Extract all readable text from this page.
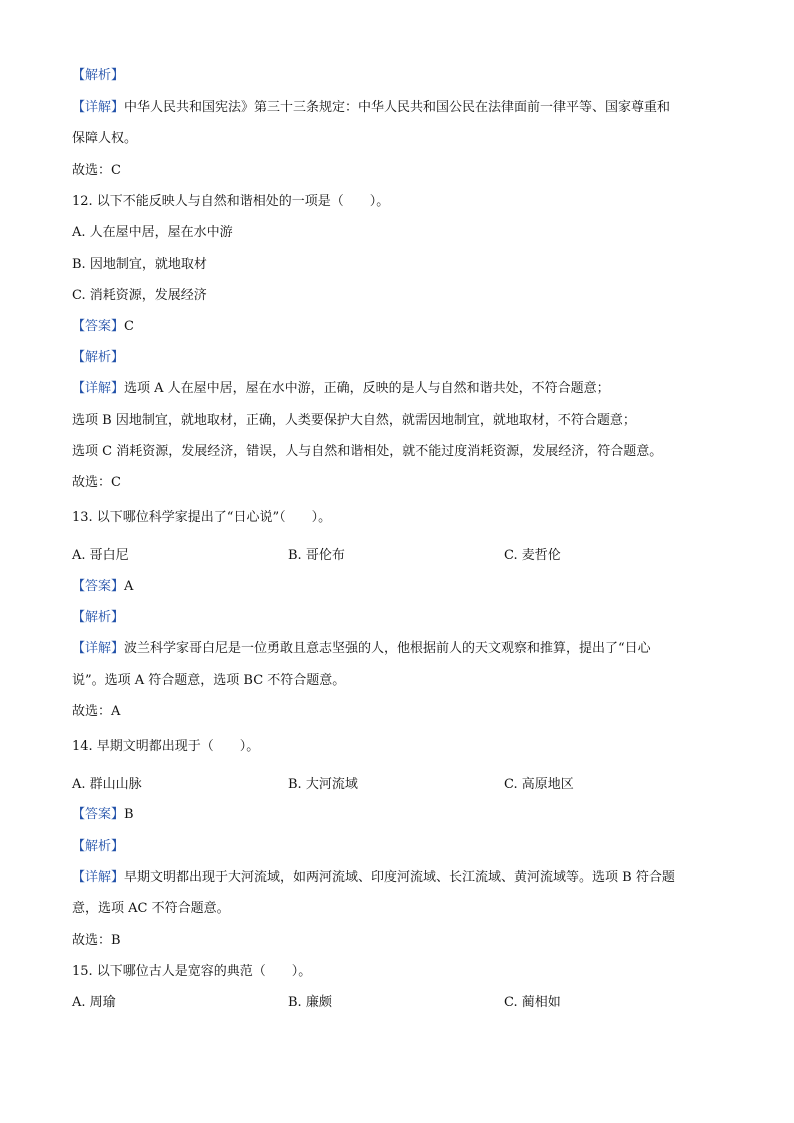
【解析】
【详解】中华人民共和国宪法》第三十三条规定：中华人民共和国公民在法律面前一律平等、国家尊重和
保障人权。
故选：C
12. 以下不能反映人与自然和谐相处的一项是（　　）。
A. 人在屋中居，屋在水中游
B. 因地制宜，就地取材
C. 消耗资源，发展经济
【答案】C
【解析】
【详解】选项 A 人在屋中居，屋在水中游，正确，反映的是人与自然和谐共处，不符合题意；
选项 B 因地制宜，就地取材，正确，人类要保护大自然，就需因地制宜，就地取材，不符合题意；
选项 C 消耗资源，发展经济，错误，人与自然和谐相处，就不能过度消耗资源，发展经济，符合题意。
故选：C
13. 以下哪位科学家提出了“日心说”（　　）。
A. 哥白尼	B. 哥伦布	C. 麦哲伦
【答案】A
【解析】
【详解】波兰科学家哥白尼是一位勇敢且意志坚强的人，他根据前人的天文观察和推算，提出了“日心
说”。选项 A 符合题意，选项 BC 不符合题意。
故选：A
14. 早期文明都出现于（　　）。
A. 群山山脉	B. 大河流域	C. 高原地区
【答案】B
【解析】
【详解】早期文明都出现于大河流域，如两河流域、印度河流域、长江流域、黄河流域等。选项 B 符合题
意，选项 AC 不符合题意。
故选：B
15. 以下哪位古人是宽容的典范（　　）。
A. 周瑜	B. 廉颇	C. 蔺相如
